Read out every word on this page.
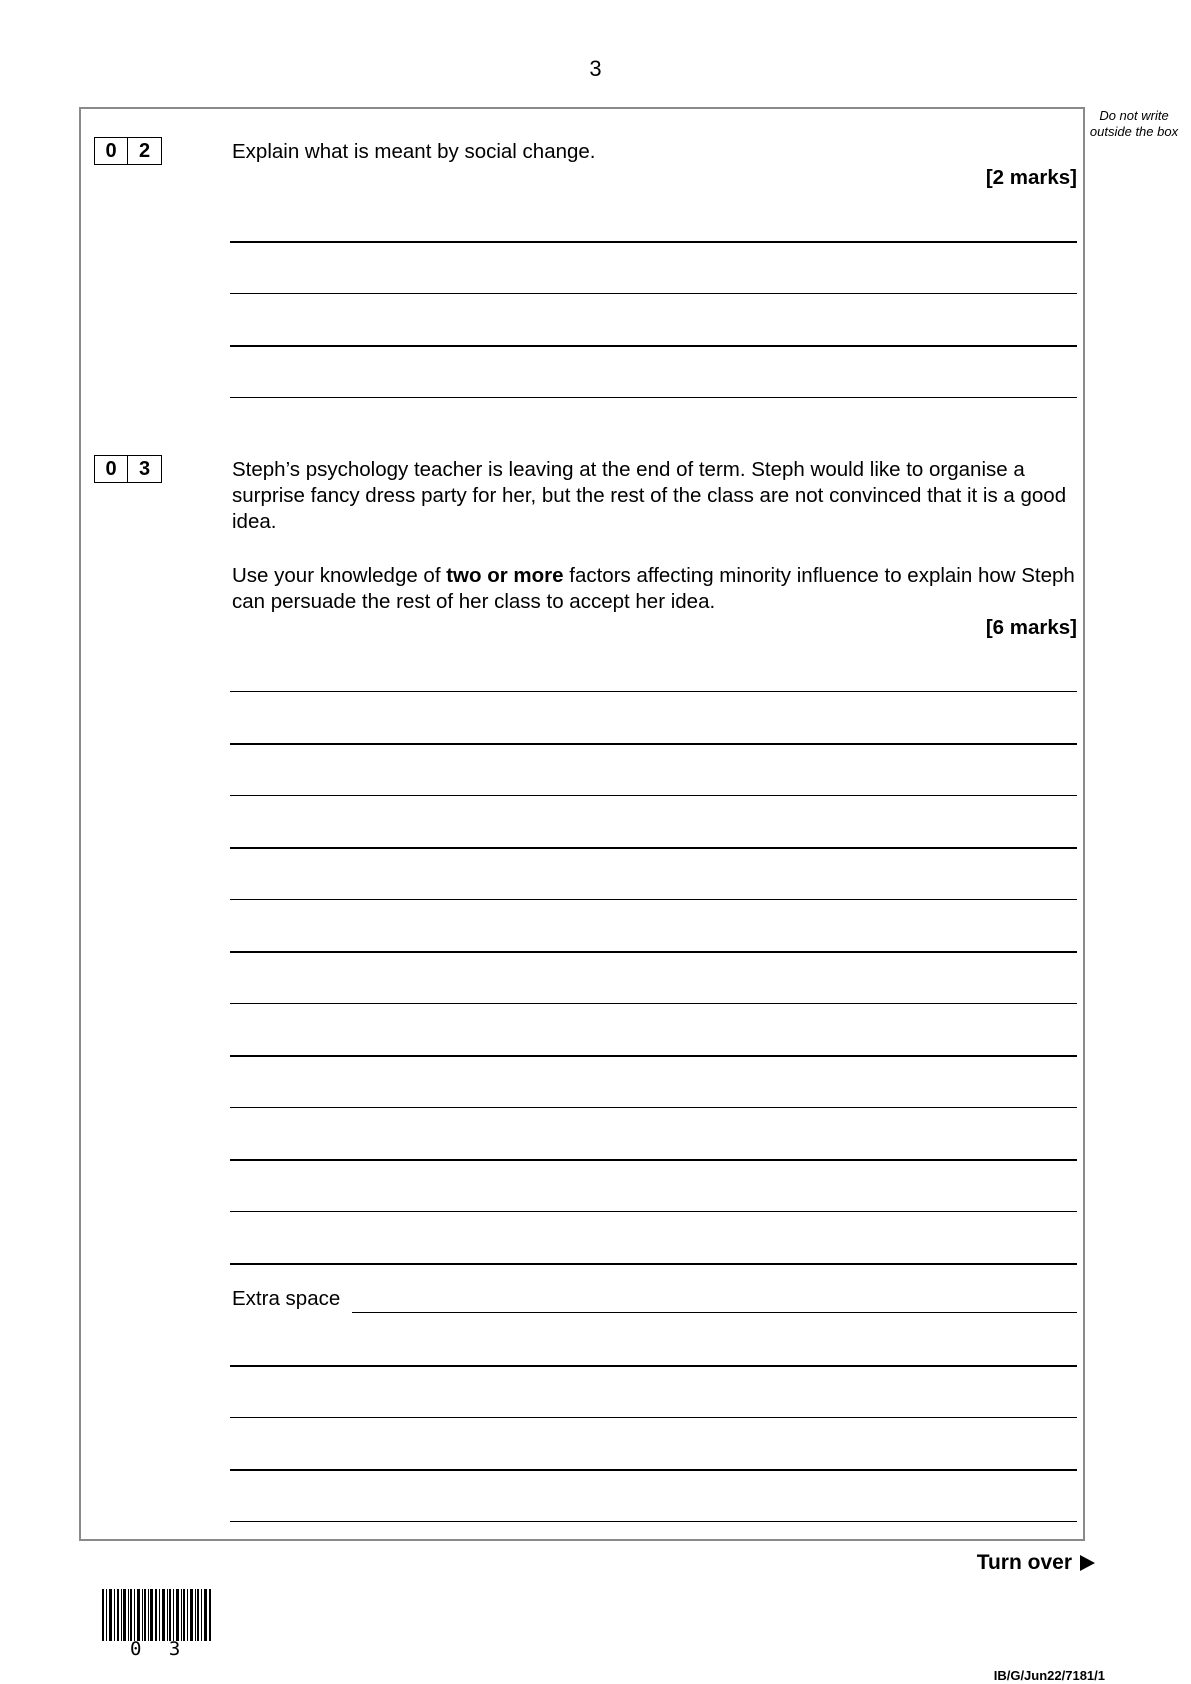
3
Do not write outside the box
0	2	Explain what is meant by social change.
[2 marks]
0	3	Steph’s psychology teacher is leaving at the end of term. Steph would like to organise a surprise fancy dress party for her, but the rest of the class are not convinced that it is a good idea.
Use your knowledge of two or more factors affecting minority influence to explain how Steph can persuade the rest of her class to accept her idea.
[6 marks]
Extra space
Turn over
0 3
IB/G/Jun22/7181/1
